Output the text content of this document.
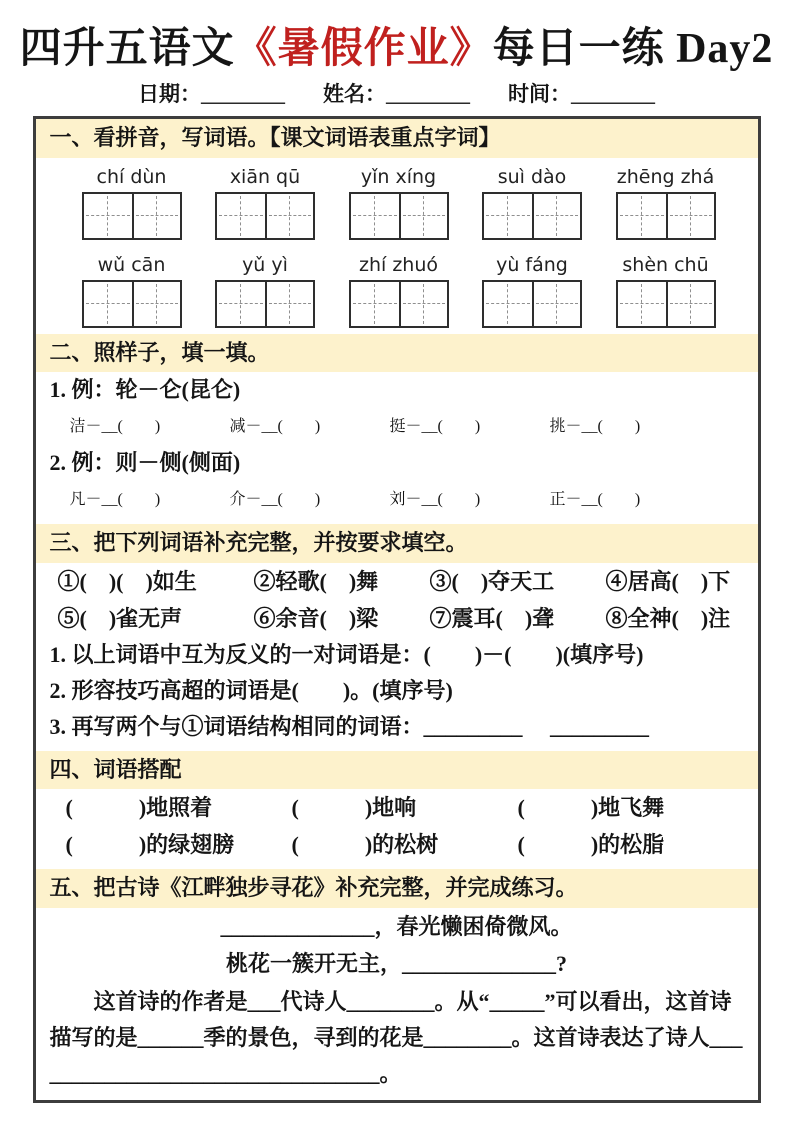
四升五语文《暑假作业》每日一练 Day2
日期：________ 姓名：________ 时间：________
一、看拼音，写词语。【课文词语表重点字词】
chí dùn	xiān qū	yǐn xíng	suì dào	zhēng zhá
wǔ cān	yǔ yì	zhí zhuó	yù fáng	shèn chū
二、照样子，填一填。
1. 例：轮－仑(昆仑)
洁－__(　　)	减－__(　　)	挺－__(　　)	挑－__(　　)
2. 例：则－侧(侧面)
凡－__(　　)	介－__(　　)	刘－__(　　)	正－__(　　)
三、把下列词语补充完整，并按要求填空。
①(　)(　)如生	②轻歌(　)舞	③(　)夺天工	④居高(　)下
⑤(　)雀无声	⑥余音(　)梁	⑦震耳(　)聋	⑧全神(　)注
1. 以上词语中互为反义的一对词语是：(　　)－(　　)(填序号)
2. 形容技巧高超的词语是(　　)。(填序号)
3. 再写两个与①词语结构相同的词语：_________　 _________
四、词语搭配
(　　　)地照着	(　　　)地响	(　　　)地飞舞
(　　　)的绿翅膀	(　　　)的松树	(　　　)的松脂
五、把古诗《江畔独步寻花》补充完整，并完成练习。
______________，春光懒困倚微风。
桃花一簇开无主，______________?
这首诗的作者是___代诗人________。从“_____”可以看出，这首诗描写的是______季的景色，寻到的花是________。这首诗表达了诗人_________________________________。
